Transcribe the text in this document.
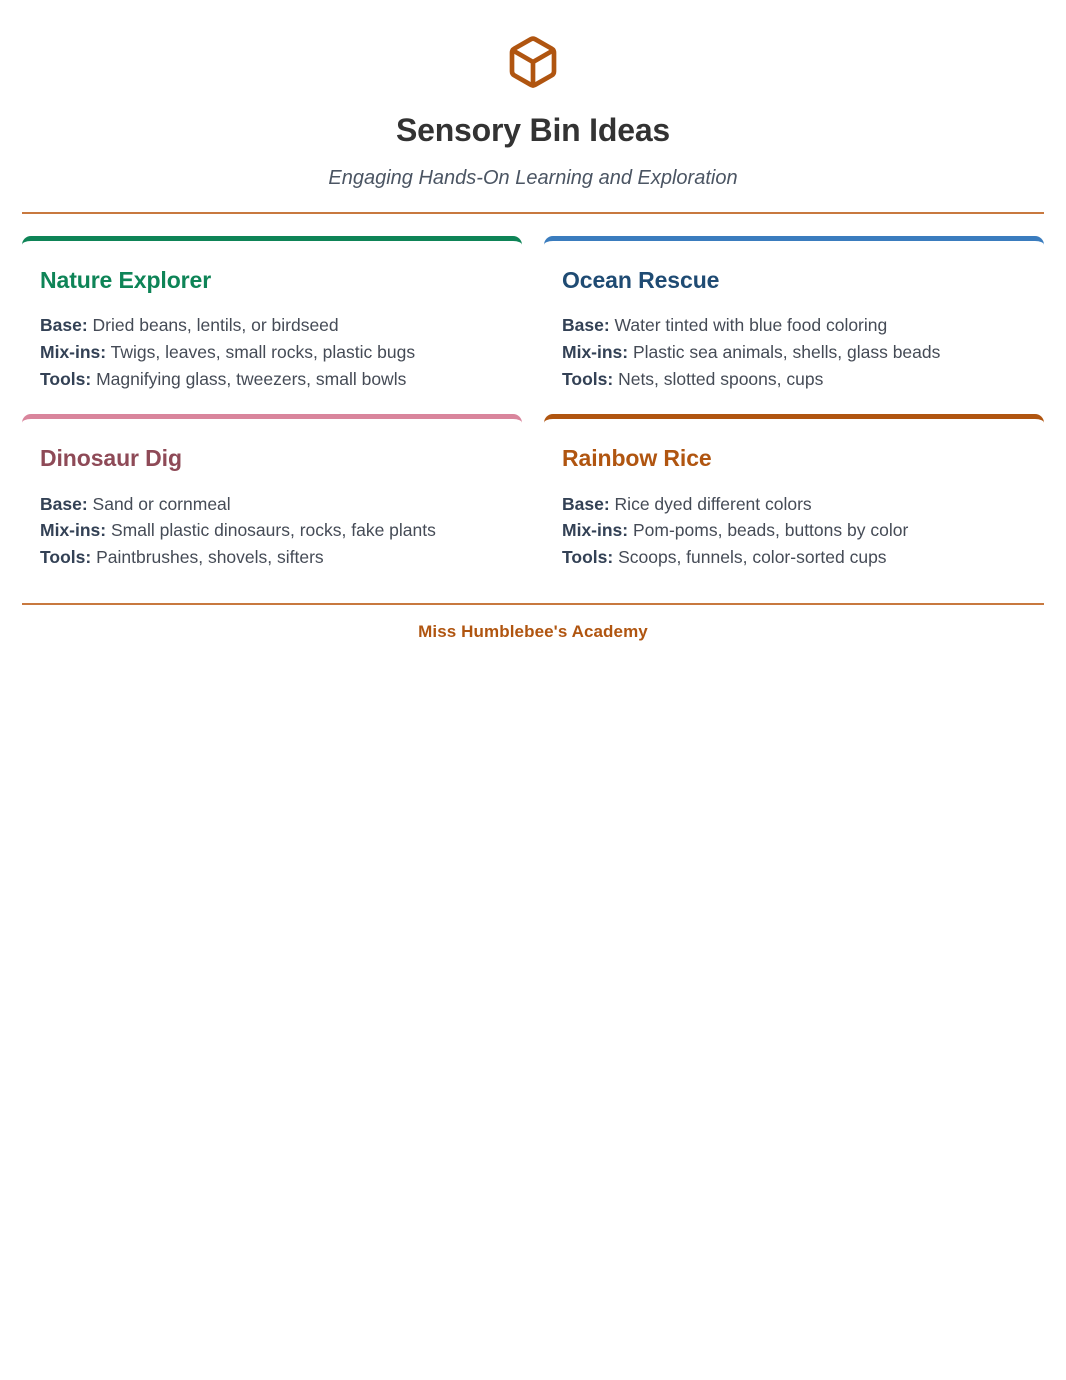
Sensory Bin Ideas

Engaging Hands-On Learning and Exploration

Nature Explorer
Base: Dried beans, lentils, or birdseed
Mix-ins: Twigs, leaves, small rocks, plastic bugs
Tools: Magnifying glass, tweezers, small bowls
Ocean Rescue
Base: Water tinted with blue food coloring
Mix-ins: Plastic sea animals, shells, glass beads
Tools: Nets, slotted spoons, cups
Dinosaur Dig
Base: Sand or cornmeal
Mix-ins: Small plastic dinosaurs, rocks, fake plants
Tools: Paintbrushes, shovels, sifters
Rainbow Rice
Base: Rice dyed different colors
Mix-ins: Pom-poms, beads, buttons by color
Tools: Scoops, funnels, color-sorted cups
Miss Humblebee's Academy
